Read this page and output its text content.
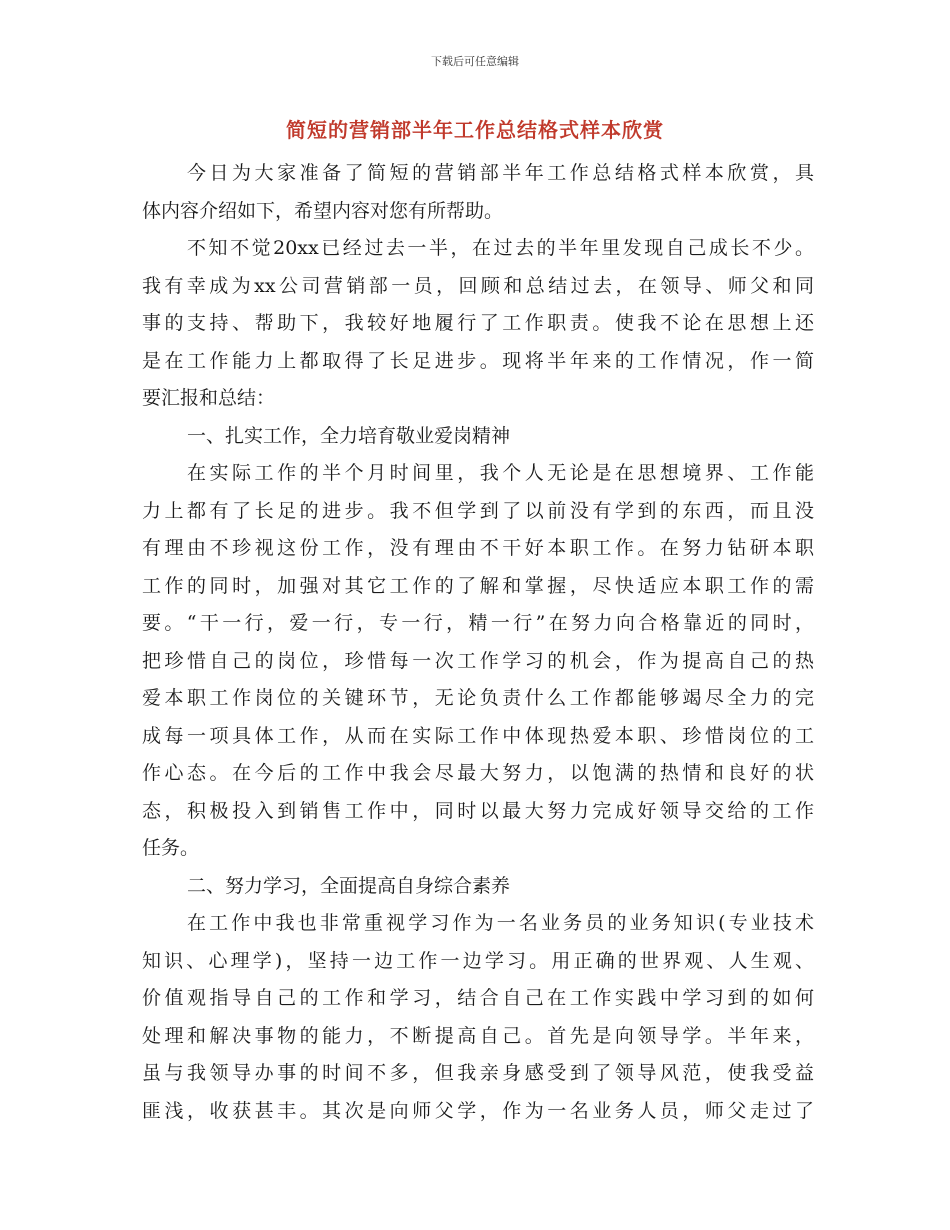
下载后可任意编辑
简短的营销部半年工作总结格式样本欣赏
今日为大家准备了简短的营销部半年工作总结格式样本欣赏，具
体内容介绍如下，希望内容对您有所帮助。
不知不觉20xx已经过去一半，在过去的半年里发现自己成长不少。
我有幸成为xx公司营销部一员，回顾和总结过去，在领导、师父和同
事的支持、帮助下，我较好地履行了工作职责。使我不论在思想上还
是在工作能力上都取得了长足进步。现将半年来的工作情况，作一简
要汇报和总结：
一、扎实工作，全力培育敬业爱岗精神
在实际工作的半个月时间里，我个人无论是在思想境界、工作能
力上都有了长足的进步。我不但学到了以前没有学到的东西，而且没
有理由不珍视这份工作，没有理由不干好本职工作。在努力钻研本职
工作的同时，加强对其它工作的了解和掌握，尽快适应本职工作的需
要。“干一行，爱一行，专一行，精一行”在努力向合格靠近的同时，
把珍惜自己的岗位，珍惜每一次工作学习的机会，作为提高自己的热
爱本职工作岗位的关键环节，无论负责什么工作都能够竭尽全力的完
成每一项具体工作，从而在实际工作中体现热爱本职、珍惜岗位的工
作心态。在今后的工作中我会尽最大努力，以饱满的热情和良好的状
态，积极投入到销售工作中，同时以最大努力完成好领导交给的工作
任务。
二、努力学习，全面提高自身综合素养
在工作中我也非常重视学习作为一名业务员的业务知识(专业技术
知识、心理学)，坚持一边工作一边学习。用正确的世界观、人生观、
价值观指导自己的工作和学习，结合自己在工作实践中学习到的如何
处理和解决事物的能力，不断提高自己。首先是向领导学。半年来，
虽与我领导办事的时间不多，但我亲身感受到了领导风范，使我受益
匪浅，收获甚丰。其次是向师父学，作为一名业务人员，师父走过了
